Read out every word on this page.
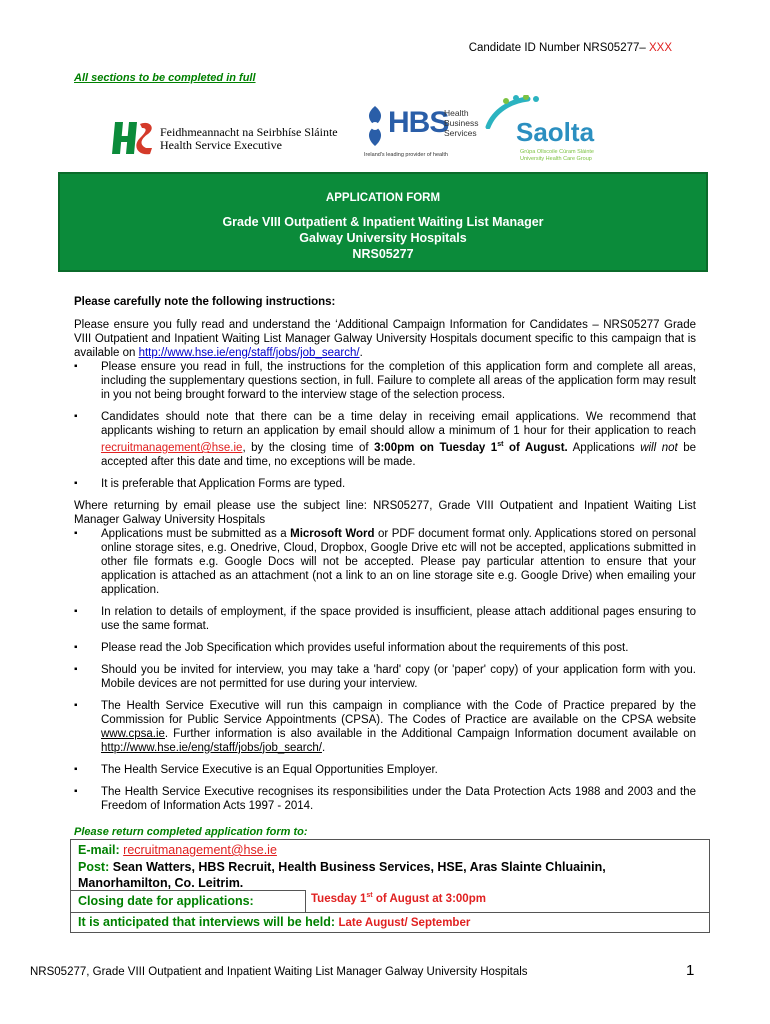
Candidate ID Number NRS05277– XXX
All sections to be completed in full
Feidhmeannacht na Seirbhíse Sláinte
Health Service Executive
HBS
Health
Business
Services
Ireland's leading provider of health
Saolta
Grúpa Ollscoile Cúram Sláinte
University Health Care Group
APPLICATION FORM
Grade VIII Outpatient & Inpatient Waiting List Manager
Galway University Hospitals
NRS05277

Please carefully note the following instructions:

Please ensure you fully read and understand the ‘Additional Campaign Information for Candidates – NRS05277 Grade VIII Outpatient and Inpatient Waiting List Manager Galway University Hospitals document specific to this campaign that is available on http://www.hse.ie/eng/staff/jobs/job_search/.

▪ Please ensure you read in full, the instructions for the completion of this application form and complete all areas, including the supplementary questions section, in full. Failure to complete all areas of the application form may result in you not being brought forward to the interview stage of the selection process.
▪ Candidates should note that there can be a time delay in receiving email applications. We recommend that applicants wishing to return an application by email should allow a minimum of 1 hour for their application to reach recruitmanagement@hse.ie, by the closing time of 3:00pm on Tuesday 1st of August. Applications will not be accepted after this date and time, no exceptions will be made.
▪ It is preferable that Application Forms are typed.

Where returning by email please use the subject line: NRS05277, Grade VIII Outpatient and Inpatient Waiting List Manager Galway University Hospitals

▪ Applications must be submitted as a Microsoft Word or PDF document format only. Applications stored on personal online storage sites, e.g. Onedrive, Cloud, Dropbox, Google Drive etc will not be accepted, applications submitted in other file formats e.g. Google Docs will not be accepted. Please pay particular attention to ensure that your application is attached as an attachment (not a link to an on line storage site e.g. Google Drive) when emailing your application.
▪ In relation to details of employment, if the space provided is insufficient, please attach additional pages ensuring to use the same format.
▪ Please read the Job Specification which provides useful information about the requirements of this post.
▪ Should you be invited for interview, you may take a 'hard' copy (or 'paper' copy) of your application form with you. Mobile devices are not permitted for use during your interview.
▪ The Health Service Executive will run this campaign in compliance with the Code of Practice prepared by the Commission for Public Service Appointments (CPSA). The Codes of Practice are available on the CPSA website www.cpsa.ie. Further information is also available in the Additional Campaign Information document available on http://www.hse.ie/eng/staff/jobs/job_search/.
▪ The Health Service Executive is an Equal Opportunities Employer.
▪ The Health Service Executive recognises its responsibilities under the Data Protection Acts 1988 and 2003 and the Freedom of Information Acts 1997 - 2014.
Please return completed application form to:
E-mail: recruitmanagement@hse.ie
Post: Sean Watters, HBS Recruit, Health Business Services, HSE, Aras Slainte Chluainin, Manorhamilton, Co. Leitrim.
Closing date for applications:	Tuesday 1st of August at 3:00pm
It is anticipated that interviews will be held: Late August/ September
NRS05277, Grade VIII Outpatient and Inpatient Waiting List Manager Galway University Hospitals	1
